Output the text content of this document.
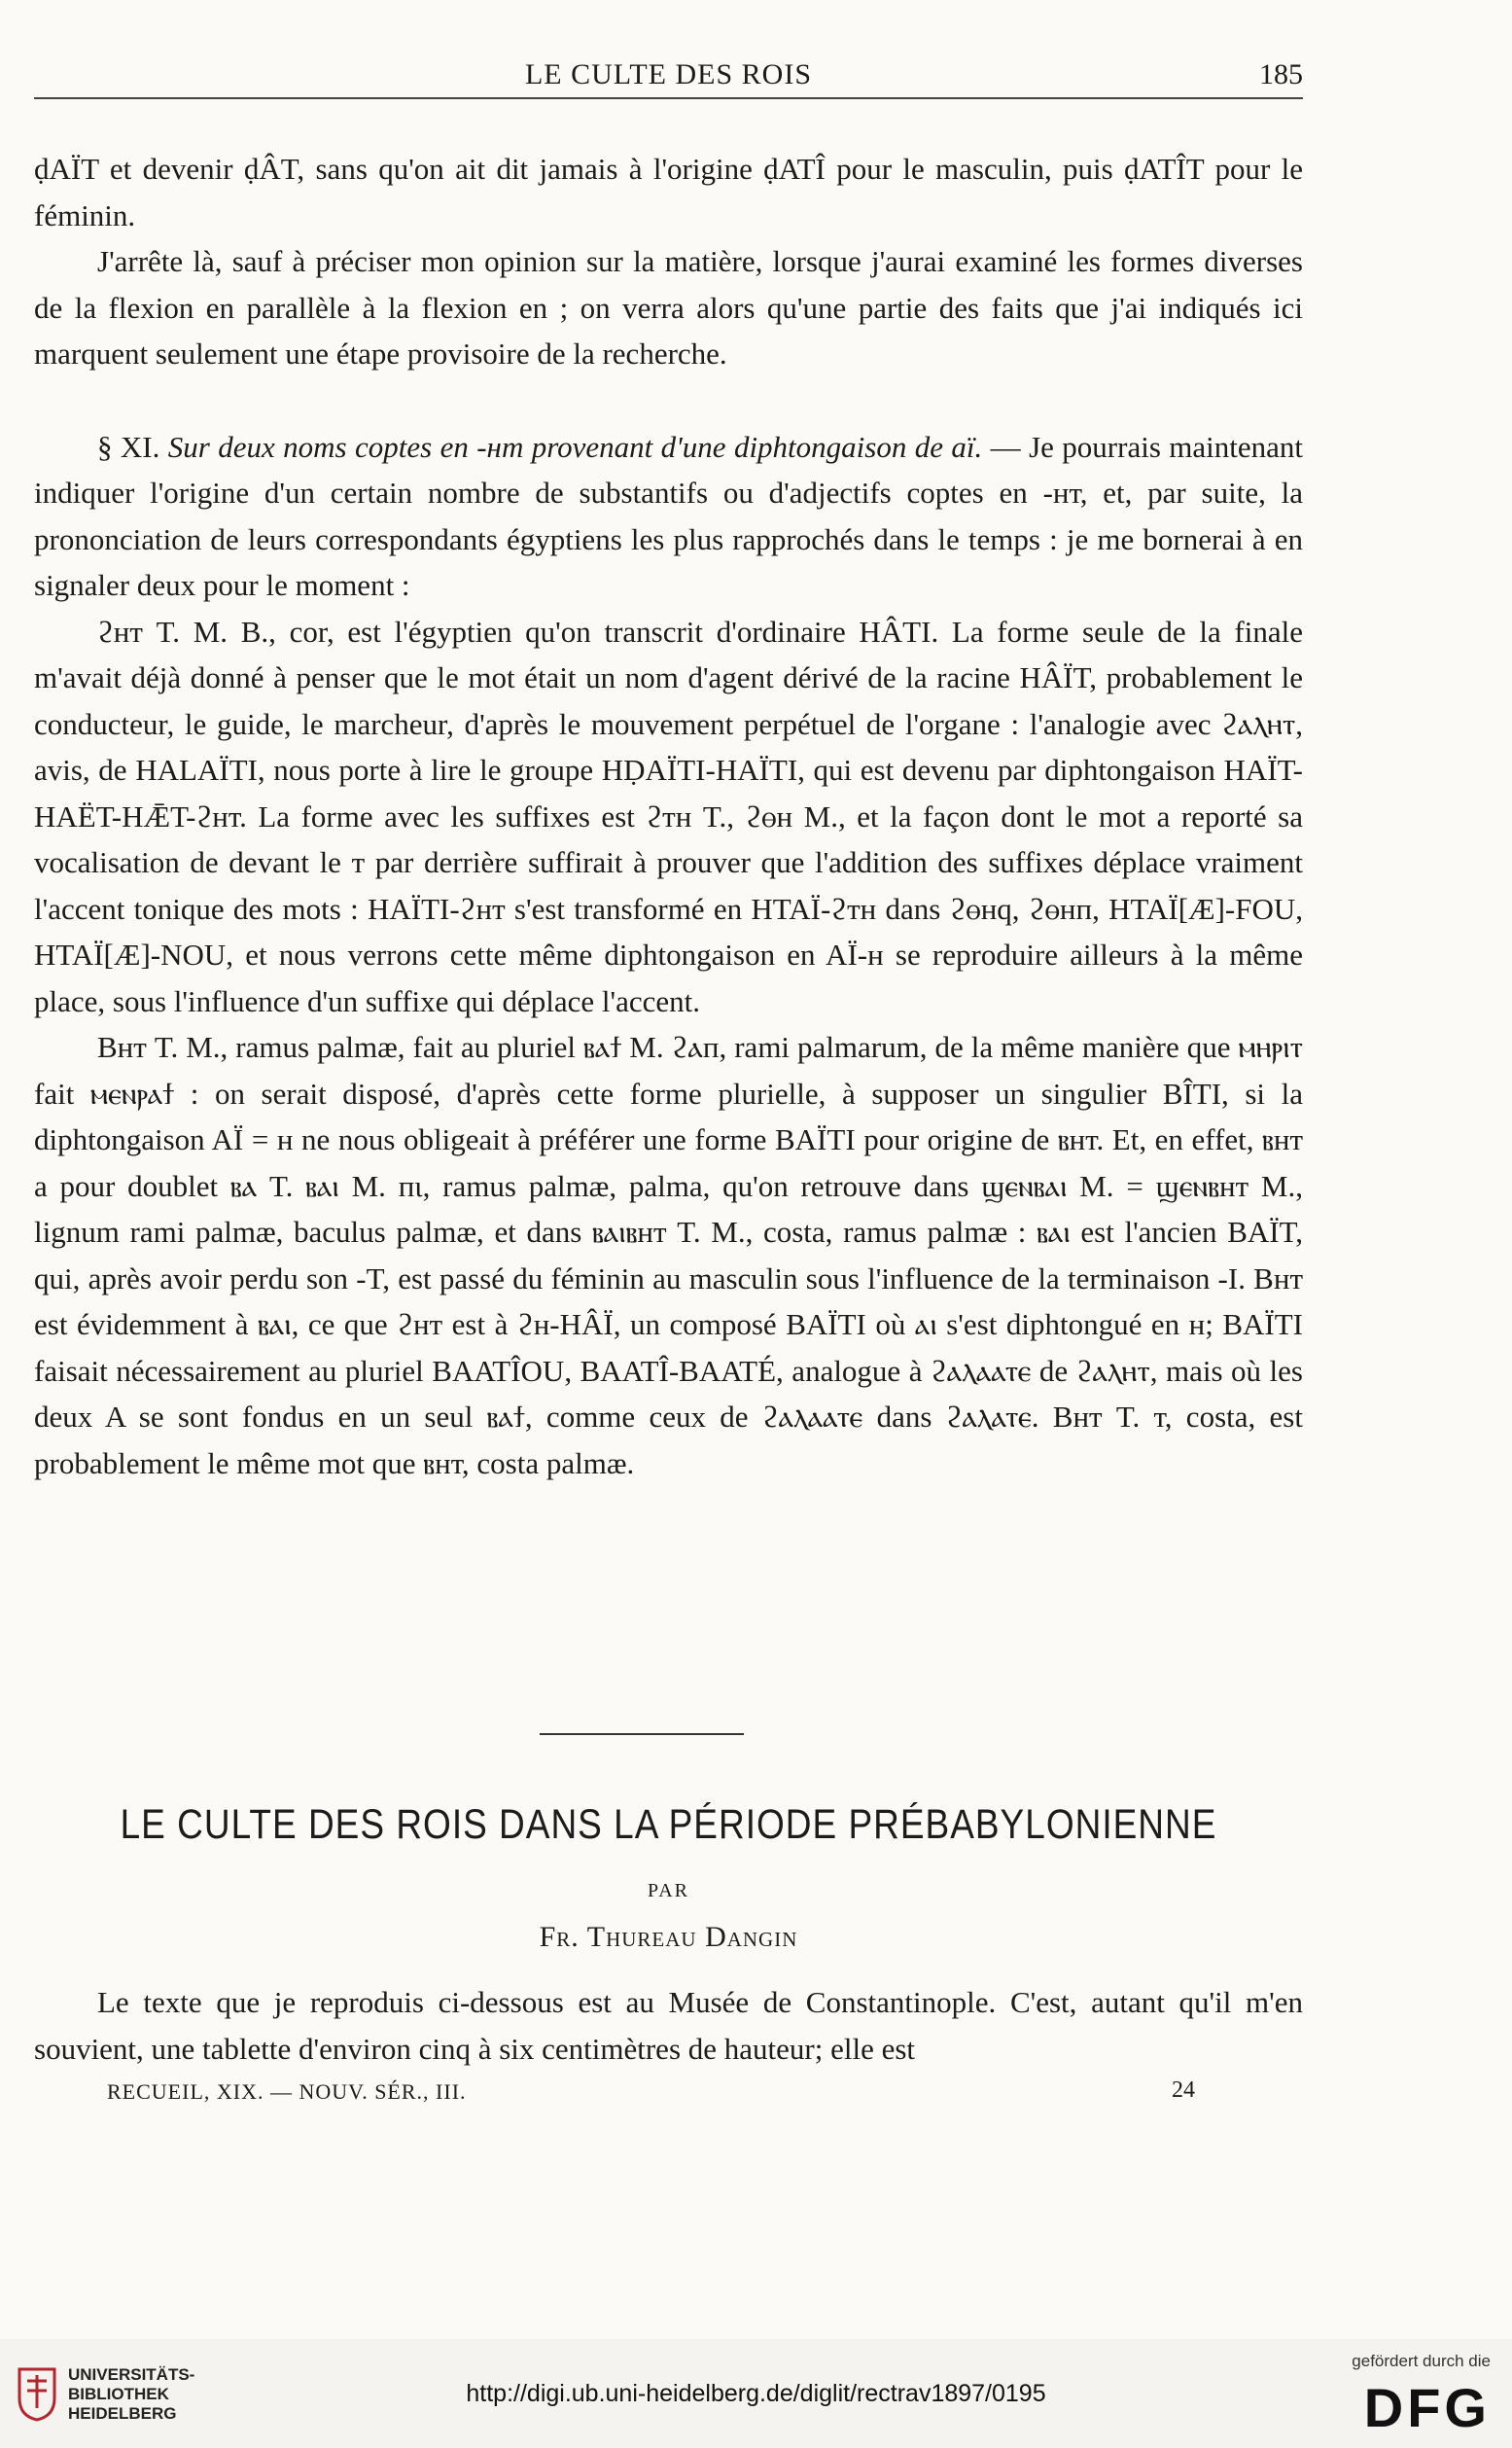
LE CULTE DES ROIS	185

ḍAÏT et devenir ḍÂT, sans qu'on ait dit jamais à l'origine ḍATÎ pour le masculin, puis ḍATÎT pour le féminin.

J'arrête là, sauf à préciser mon opinion sur la matière, lorsque j'aurai examiné les formes diverses de la flexion en parallèle à la flexion en ; on verra alors qu'une partie des faits que j'ai indiqués ici marquent seulement une étape provisoire de la recherche.

§ XI. Sur deux noms coptes en -нт provenant d'une diphtongaison de aï. — Je pourrais maintenant indiquer l'origine d'un certain nombre de substantifs ou d'adjectifs coptes en -нт, et, par suite, la prononciation de leurs correspondants égyptiens les plus rapprochés dans le temps : je me bornerai à en signaler deux pour le moment :

ϩнт T. M. B., cor, est l'égyptien qu'on transcrit d'ordinaire HÂTI. La forme seule de la finale m'avait déjà donné à penser que le mot était un nom d'agent dérivé de la racine HÂÏT, probablement le conducteur, le guide, le marcheur, d'après le mouvement perpétuel de l'organe : l'analogie avec ϩⲁⲗⲏⲧ, avis, de HALAÏTI, nous porte à lire le groupe HḌAÏTI-HAÏTI, qui est devenu par diphtongaison HAÏT-HAËT-HǢT-ϩнт. La forme avec les suffixes est ϩтн T., ϩⲑн M., et la façon dont le mot a reporté sa vocalisation de devant le т par derrière suffirait à prouver que l'addition des suffixes déplace vraiment l'accent tonique des mots : HAÏTI-ϩнт s'est transformé en HTAÏ-ϩтн dans ϩⲑнq, ϩⲑнп, HTAÏ[Æ]-FOU, HTAÏ[Æ]-NOU, et nous verrons cette même diphtongaison en AÏ-н se reproduire ailleurs à la même place, sous l'influence d'un suffixe qui déplace l'accent.

Bнт T. M., ramus palmæ, fait au pluriel ⲃⲁϯ M. ϩⲁп, rami palmarum, de la même manière que ⲙⲏⲣⲓⲧ fait ⲙⲉⲛⲣⲁϯ : on serait disposé, d'après cette forme plurielle, à supposer un singulier BÎTI, si la diphtongaison AÏ = н ne nous obligeait à préférer une forme BAÏTI pour origine de ⲃнт. Et, en effet, ⲃнт a pour doublet ⲃⲁ T. ⲃⲁⲓ M. пι, ramus palmæ, palma, qu'on retrouve dans ϣⲉⲛⲃⲁⲓ M. = ϣⲉⲛⲃнт M., lignum rami palmæ, baculus palmæ, et dans ⲃⲁⲓⲃнт T. M., costa, ramus palmæ : ⲃⲁⲓ est l'ancien BAÏT, qui, après avoir perdu son -T, est passé du féminin au masculin sous l'influence de la terminaison -I. Bнт est évidemment à ⲃⲁⲓ, ce que ϩнт est à ϩн-HÂÏ, un composé BAÏTI où ⲁⲓ s'est diphtongué en н; BAÏTI faisait nécessairement au pluriel BAATÎOU, BAATÎ-BAATÉ, analogue à ϩⲁⲗⲁⲁⲧⲉ de ϩⲁⲗⲏⲧ, mais où les deux A se sont fondus en un seul ⲃⲁϯ, comme ceux de ϩⲁⲗⲁⲁⲧⲉ dans ϩⲁⲗⲁⲧⲉ. Bнт T. т, costa, est probablement le même mot que ⲃнт, costa palmæ.

LE CULTE DES ROIS DANS LA PÉRIODE PRÉBABYLONIENNE
PAR
Fr. Thureau Dangin

Le texte que je reproduis ci-dessous est au Musée de Constantinople. C'est, autant qu'il m'en souvient, une tablette d'environ cinq à six centimètres de hauteur; elle est

RECUEIL, XIX. — NOUV. SÉR., III.	24
UNIVERSITÄTS-
BIBLIOTHEK
HEIDELBERG
http://digi.ub.uni-heidelberg.de/diglit/rectrav1897/0195
gefördert durch die
DFG
